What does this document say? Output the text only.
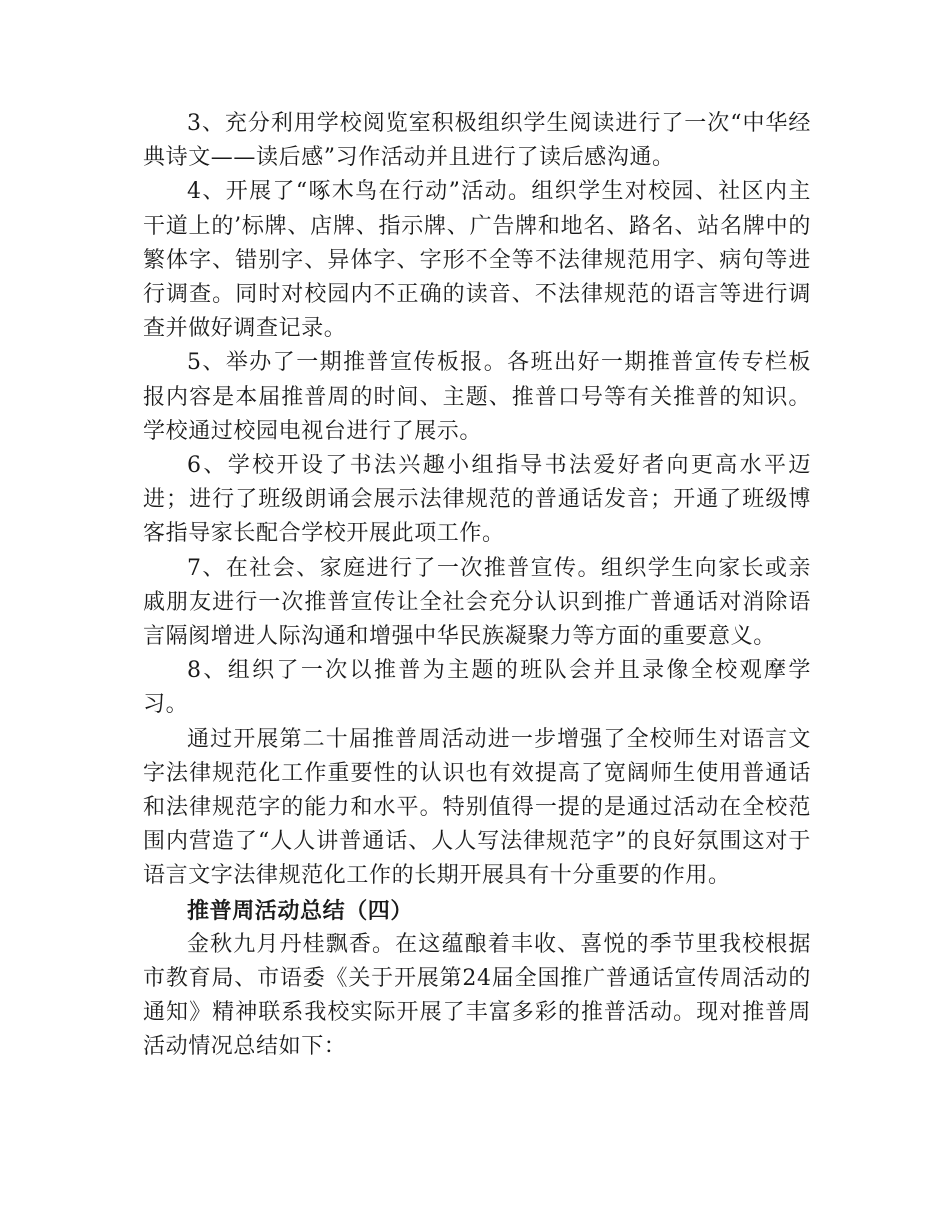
3、充分利用学校阅览室积极组织学生阅读进行了一次“中华经典诗文——读后感”习作活动并且进行了读后感沟通。

4、开展了“啄木鸟在行动”活动。组织学生对校园、社区内主干道上的’标牌、店牌、指示牌、广告牌和地名、路名、站名牌中的繁体字、错别字、异体字、字形不全等不法律规范用字、病句等进行调查。同时对校园内不正确的读音、不法律规范的语言等进行调查并做好调查记录。

5、举办了一期推普宣传板报。各班出好一期推普宣传专栏板报内容是本届推普周的时间、主题、推普口号等有关推普的知识。学校通过校园电视台进行了展示。

6、学校开设了书法兴趣小组指导书法爱好者向更高水平迈进；进行了班级朗诵会展示法律规范的普通话发音；开通了班级博客指导家长配合学校开展此项工作。

7、在社会、家庭进行了一次推普宣传。组织学生向家长或亲戚朋友进行一次推普宣传让全社会充分认识到推广普通话对消除语言隔阂增进人际沟通和增强中华民族凝聚力等方面的重要意义。

8、组织了一次以推普为主题的班队会并且录像全校观摩学习。

通过开展第二十届推普周活动进一步增强了全校师生对语言文字法律规范化工作重要性的认识也有效提高了宽阔师生使用普通话和法律规范字的能力和水平。特别值得一提的是通过活动在全校范围内营造了“人人讲普通话、人人写法律规范字”的良好氛围这对于语言文字法律规范化工作的长期开展具有十分重要的作用。

推普周活动总结（四）

金秋九月丹桂飘香。在这蕴酿着丰收、喜悦的季节里我校根据市教育局、市语委《关于开展第24届全国推广普通话宣传周活动的通知》精神联系我校实际开展了丰富多彩的推普活动。现对推普周活动情况总结如下：
